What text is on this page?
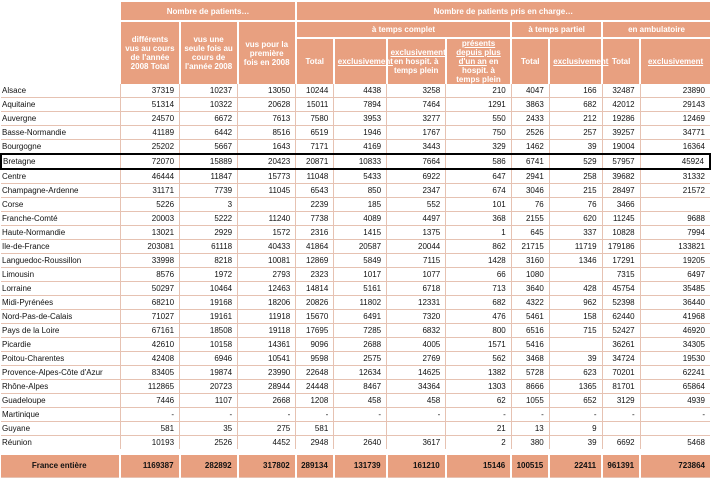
	Nombre de patients…			Nombre de patients pris en charge…							
	différents vus au cours de l'année 2008 Total	vus une seule fois au cours de l'année 2008	vus pour la première fois en 2008	à temps complet				à temps partiel		en ambulatoire	
				Total	exclusivement	exclusivement en hospit. à temps plein	présents depuis plus d'un an en hospit. à temps plein	Total	exclusivement	Total	exclusivement
Alsace	37319	10237	13050	10244	4438	3258	210	4047	166	32487	23890
Aquitaine	51314	10322	20628	15011	7894	7464	1291	3863	682	42012	29143
Auvergne	24570	6672	7613	7580	3953	3277	550	2433	212	19286	12469
Basse-Normandie	41189	6442	8516	6519	1946	1767	750	2526	257	39257	34771
Bourgogne	25202	5667	1643	7171	4169	3443	329	1462	39	19004	16364
Bretagne	72070	15889	20423	20871	10833	7664	586	6741	529	57957	45924
Centre	46444	11847	15773	11048	5433	6922	647	2941	258	39682	31332
Champagne-Ardenne	31171	7739	11045	6543	850	2347	674	3046	215	28497	21572
Corse	5226	3		2239	185	552	101	76	76	3466	
Franche-Comté	20003	5222	11240	7738	4089	4497	368	2155	620	11245	9688
Haute-Normandie	13021	2929	1572	2316	1415	1375	1	645	337	10828	7994
Ile-de-France	203081	61118	40433	41864	20587	20044	862	21715	11719	179186	133821
Languedoc-Roussillon	33998	8218	10081	12869	5849	7115	1428	3160	1346	17291	19205
Limousin	8576	1972	2793	2323	1017	1077	66	1080		7315	6497
Lorraine	50297	10464	12463	14814	5161	6718	713	3640	428	45754	35485
Midi-Pyrénées	68210	19168	18206	20826	11802	12331	682	4322	962	52398	36440
Nord-Pas-de-Calais	71027	19161	11918	15670	6491	7320	476	5461	158	62440	41968
Pays de la Loire	67161	18508	19118	17695	7285	6832	800	6516	715	52427	46920
Picardie	42610	10158	14361	9096	2688	4005	1571	5416		36261	34305
Poitou-Charentes	42408	6946	10541	9598	2575	2769	562	3468	39	34724	19530
Provence-Alpes-Côte d'Azur	83405	19874	23990	22648	12634	14625	1382	5728	623	70201	62241
Rhône-Alpes	112865	20723	28944	24448	8467	34364	1303	8666	1365	81701	65864
Guadeloupe	7446	1107	2668	1208	458	458	62	1055	652	3129	4939
Martinique	-	-	-	-	-	-	-	-	-	-	-
Guyane	581	35	275	581			21	13	9		
Réunion	10193	2526	4452	2948	2640	3617	2	380	39	6692	5468
France entière	1169387	282892	317802	289134	131739	161210	15146	100515	22411	961391	723864
